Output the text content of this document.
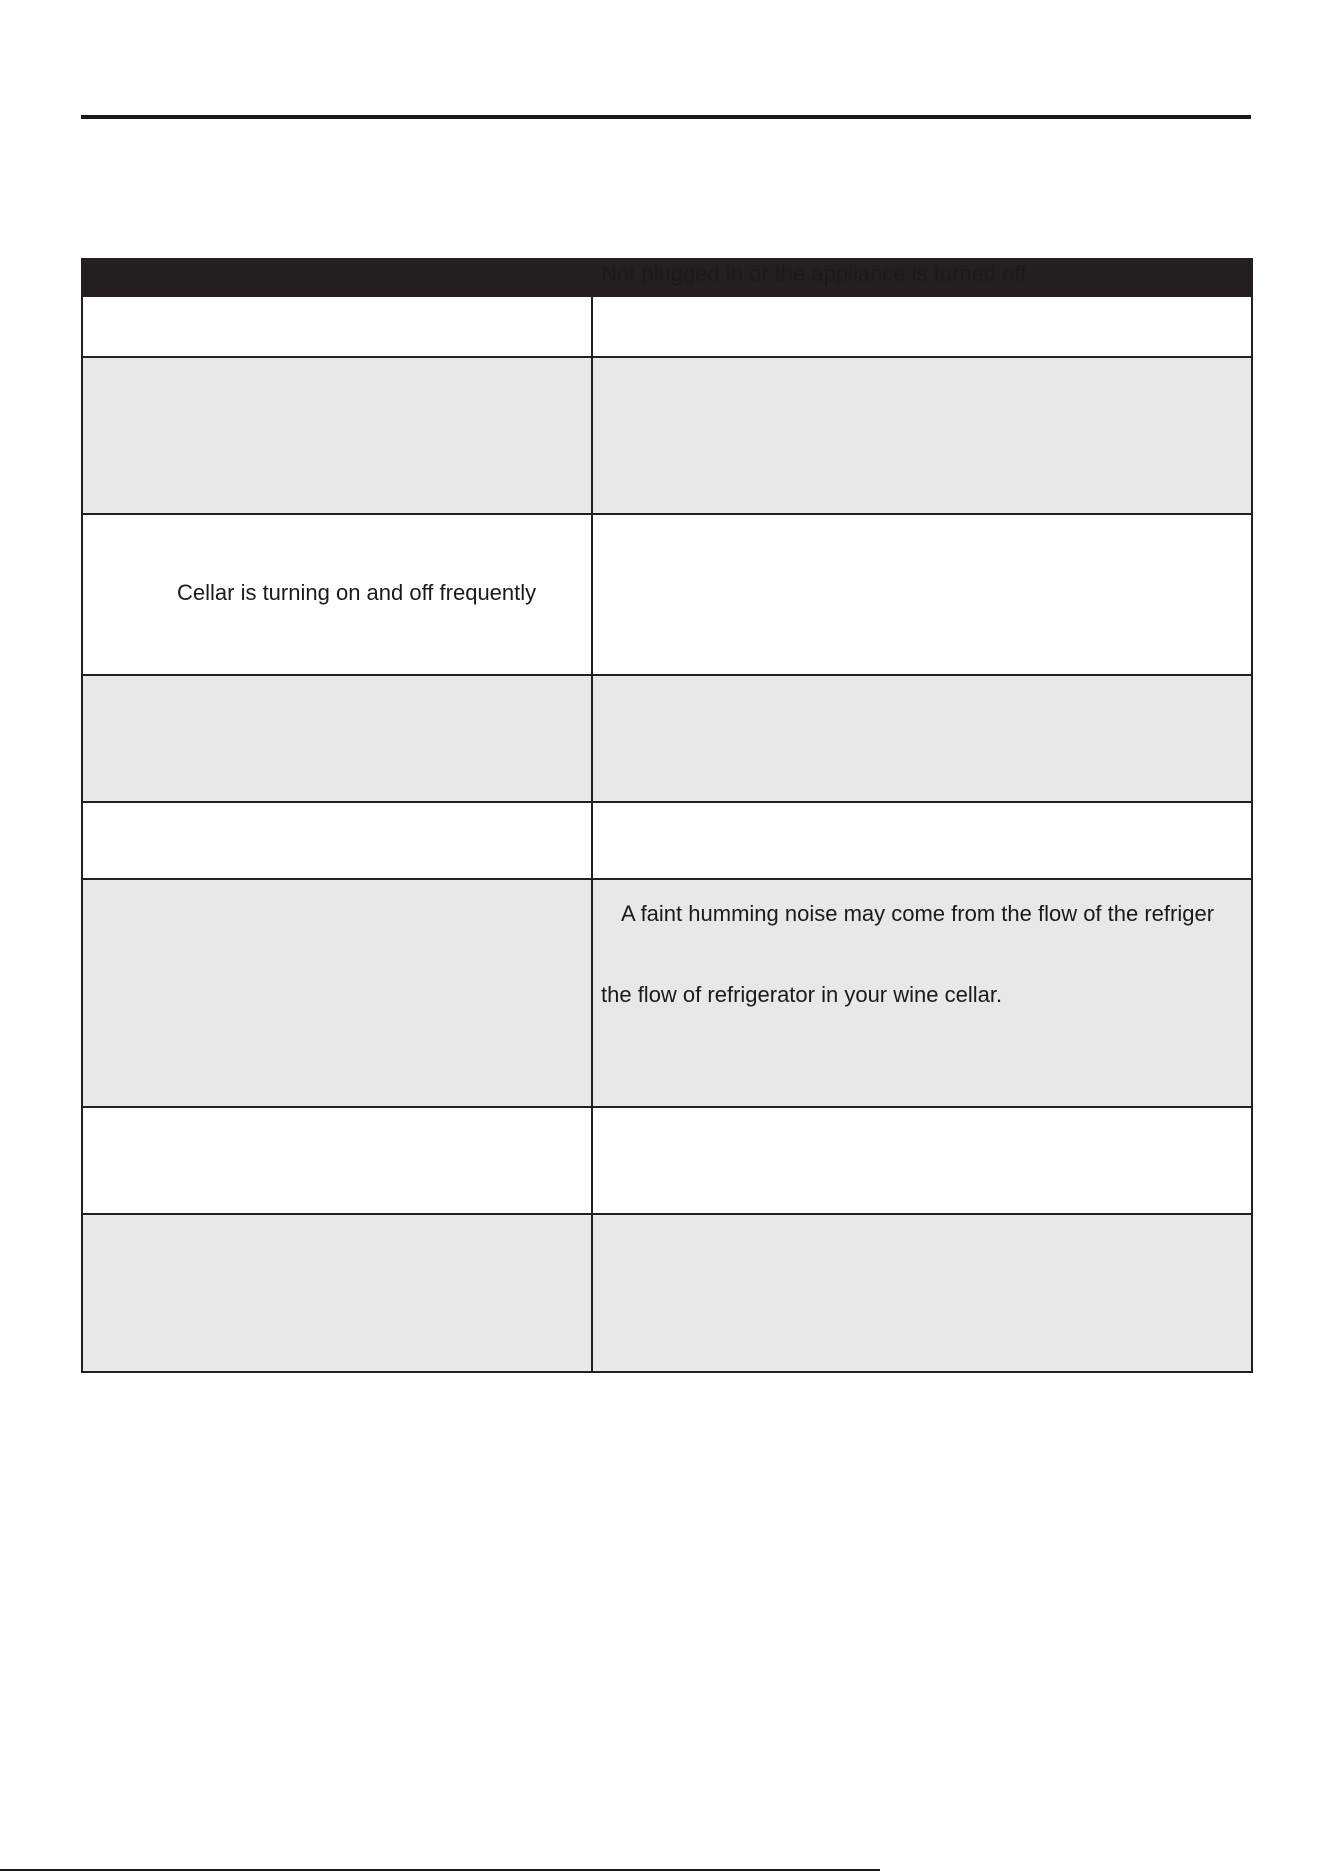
	Not plugged in or the appliance is turned off

Cellar is turning on and off frequently	

	A faint humming noise may come from the flow of the refriger
the flow of refrigerator in your wine cellar.
